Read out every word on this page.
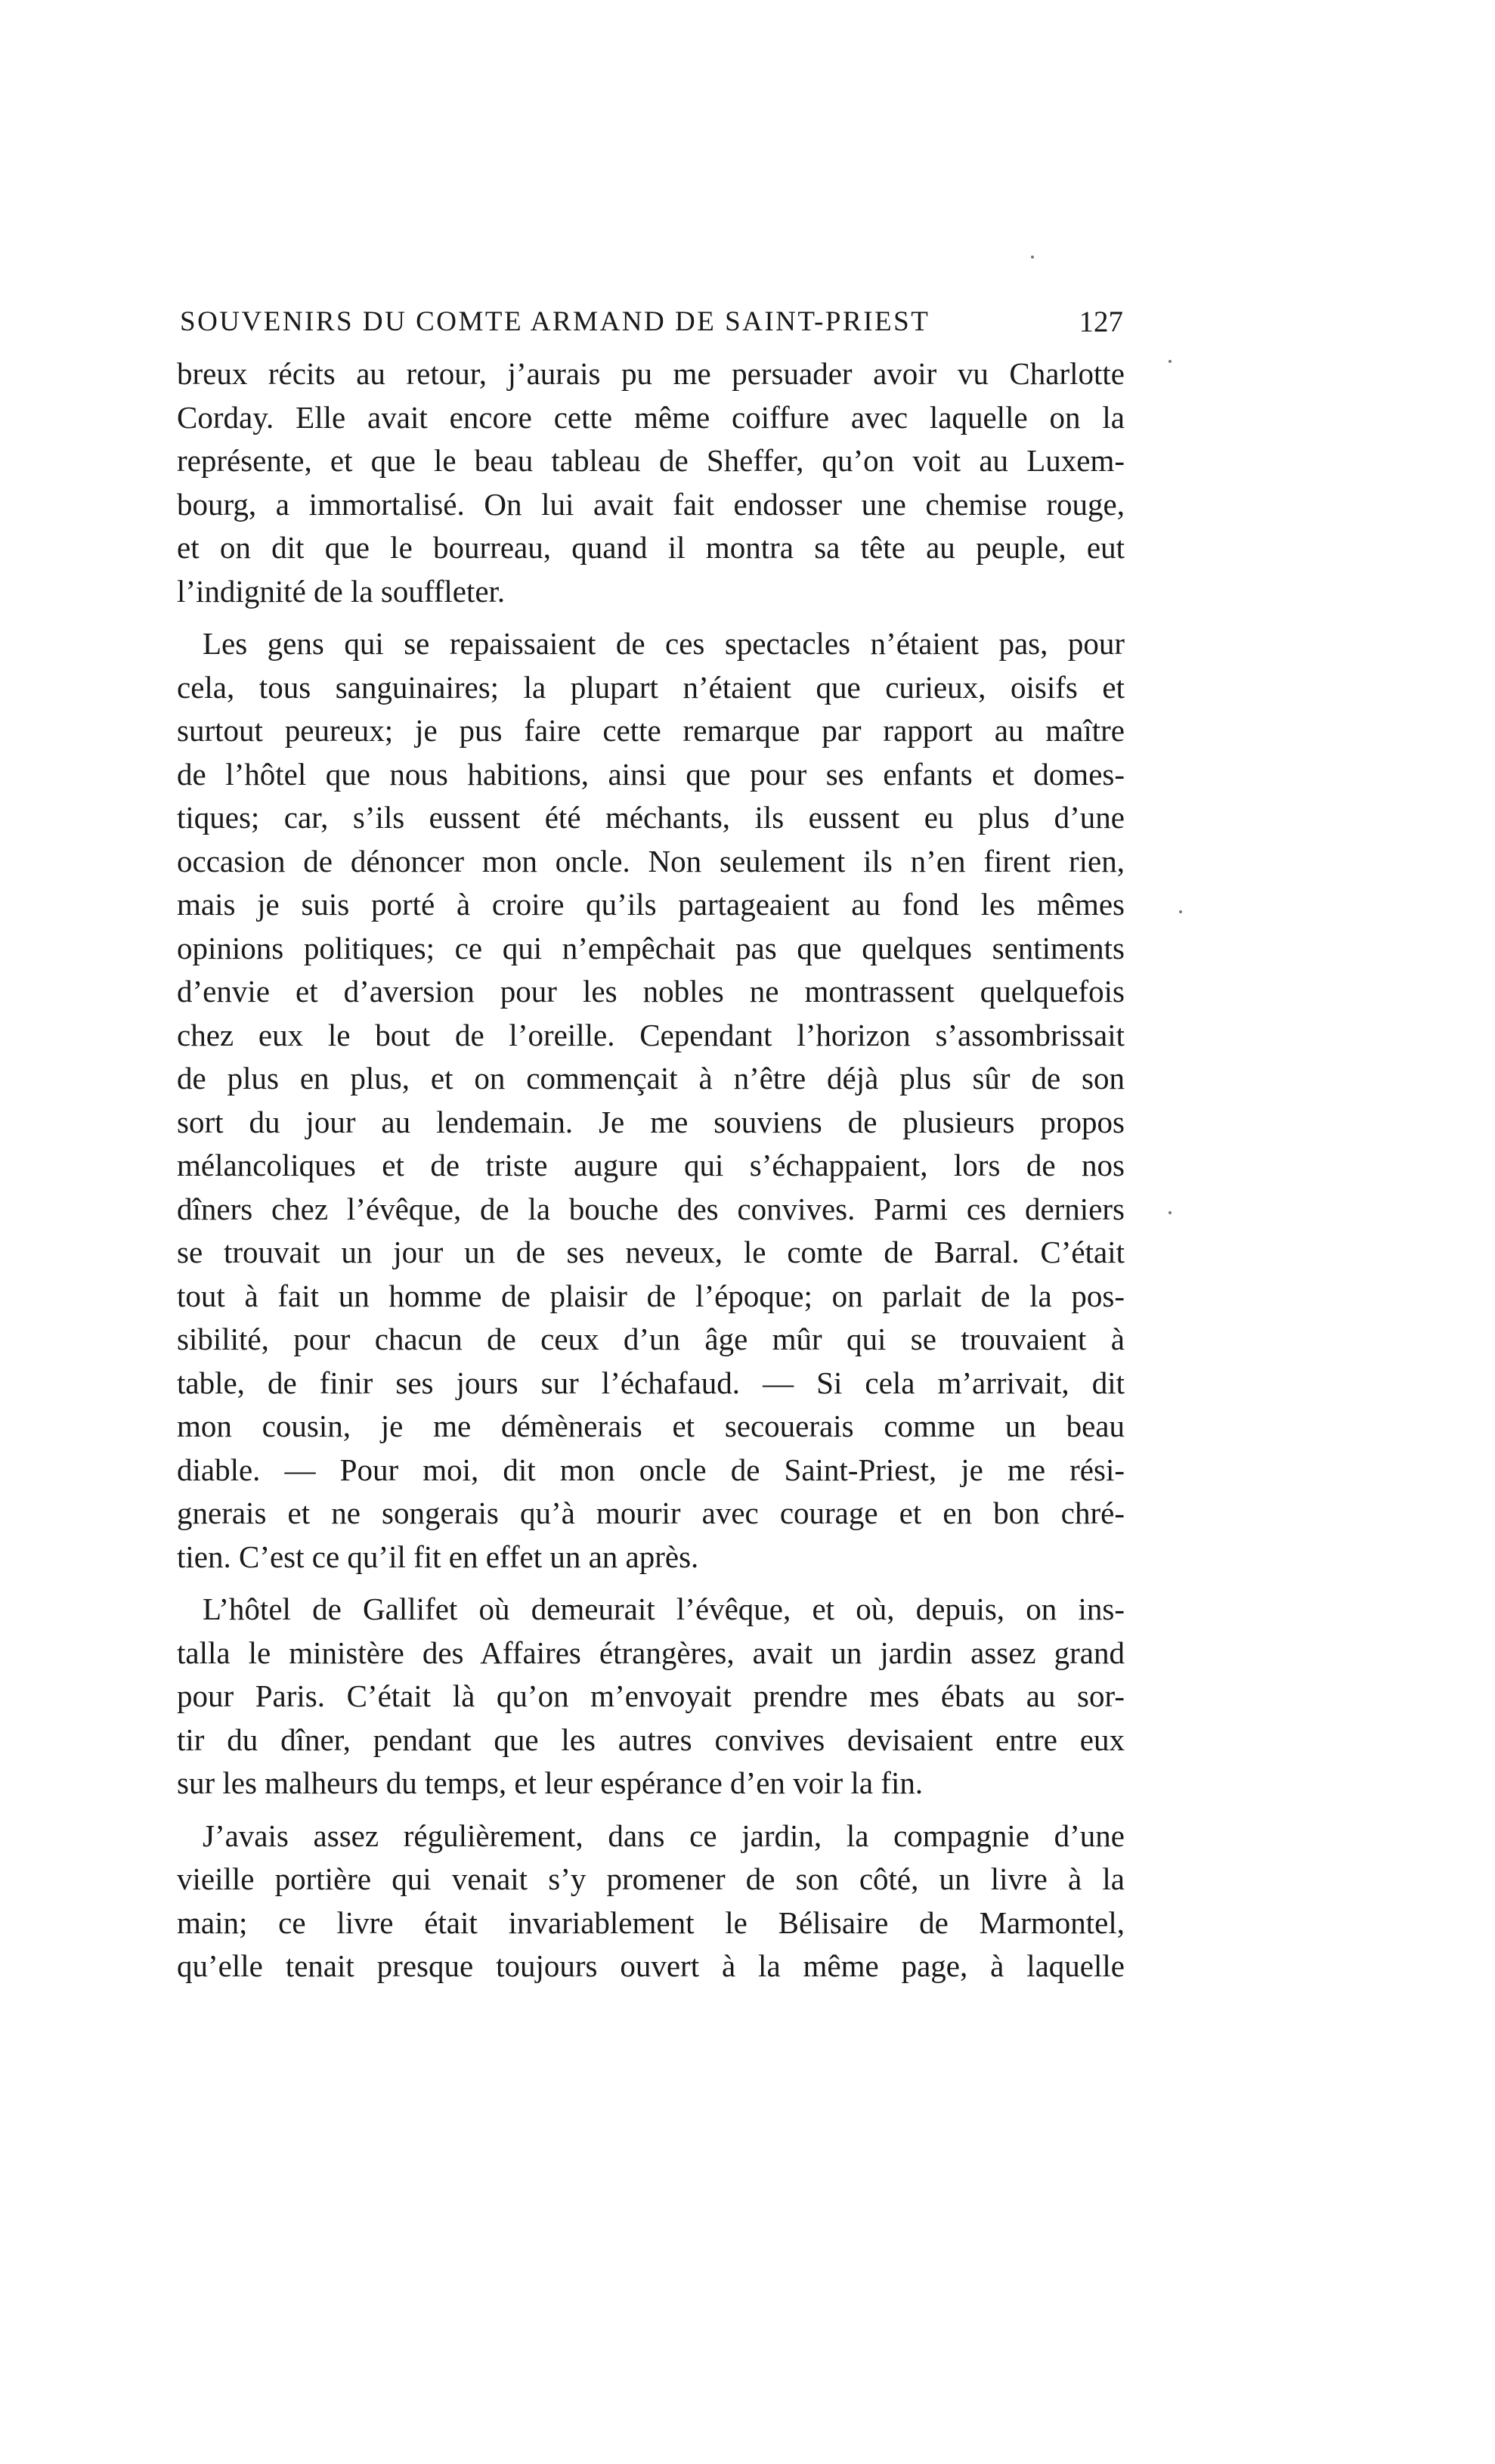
SOUVENIRS DU COMTE ARMAND DE SAINT-PRIEST	127
breux récits au retour, j’aurais pu me persuader avoir vu Charlotte
Corday. Elle avait encore cette même coiffure avec laquelle on la
représente, et que le beau tableau de Sheffer, qu’on voit au Luxem-
bourg, a immortalisé. On lui avait fait endosser une chemise rouge,
et on dit que le bourreau, quand il montra sa tête au peuple, eut
l’indignité de la souffleter.
Les gens qui se repaissaient de ces spectacles n’étaient pas, pour
cela, tous sanguinaires; la plupart n’étaient que curieux, oisifs et
surtout peureux; je pus faire cette remarque par rapport au maître
de l’hôtel que nous habitions, ainsi que pour ses enfants et domes-
tiques; car, s’ils eussent été méchants, ils eussent eu plus d’une
occasion de dénoncer mon oncle. Non seulement ils n’en firent rien,
mais je suis porté à croire qu’ils partageaient au fond les mêmes
opinions politiques; ce qui n’empêchait pas que quelques sentiments
d’envie et d’aversion pour les nobles ne montrassent quelquefois
chez eux le bout de l’oreille. Cependant l’horizon s’assombrissait
de plus en plus, et on commençait à n’être déjà plus sûr de son
sort du jour au lendemain. Je me souviens de plusieurs propos
mélancoliques et de triste augure qui s’échappaient, lors de nos
dîners chez l’évêque, de la bouche des convives. Parmi ces derniers
se trouvait un jour un de ses neveux, le comte de Barral. C’était
tout à fait un homme de plaisir de l’époque; on parlait de la pos-
sibilité, pour chacun de ceux d’un âge mûr qui se trouvaient à
table, de finir ses jours sur l’échafaud. — Si cela m’arrivait, dit
mon cousin, je me démènerais et secouerais comme un beau
diable. — Pour moi, dit mon oncle de Saint-Priest, je me rési-
gnerais et ne songerais qu’à mourir avec courage et en bon chré-
tien. C’est ce qu’il fit en effet un an après.
L’hôtel de Gallifet où demeurait l’évêque, et où, depuis, on ins-
talla le ministère des Affaires étrangères, avait un jardin assez grand
pour Paris. C’était là qu’on m’envoyait prendre mes ébats au sor-
tir du dîner, pendant que les autres convives devisaient entre eux
sur les malheurs du temps, et leur espérance d’en voir la fin.
J’avais assez régulièrement, dans ce jardin, la compagnie d’une
vieille portière qui venait s’y promener de son côté, un livre à la
main; ce livre était invariablement le Bélisaire de Marmontel,
qu’elle tenait presque toujours ouvert à la même page, à laquelle
